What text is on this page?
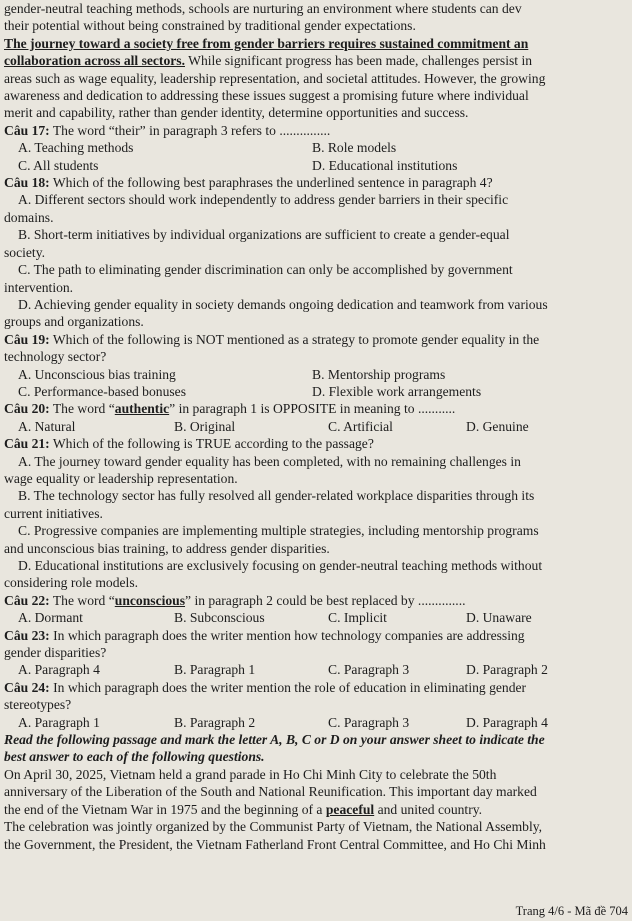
gender-neutral teaching methods, schools are nurturing an environment where students can dev

their potential without being constrained by traditional gender expectations.

The journey toward a society free from gender barriers requires sustained commitment an

collaboration across all sectors. While significant progress has been made, challenges persist in

areas such as wage equality, leadership representation, and societal attitudes. However, the growing

awareness and dedication to addressing these issues suggest a promising future where individual

merit and capability, rather than gender identity, determine opportunities and success.

Câu 17: The word “their” in paragraph 3 refers to ...............

A. Teaching methods	B. Role models
C. All students	D. Educational institutions

Câu 18: Which of the following best paraphrases the underlined sentence in paragraph 4?

A. Different sectors should work independently to address gender barriers in their specific

domains.

B. Short-term initiatives by individual organizations are sufficient to create a gender-equal

society.

C. The path to eliminating gender discrimination can only be accomplished by government

intervention.

D. Achieving gender equality in society demands ongoing dedication and teamwork from various

groups and organizations.

Câu 19: Which of the following is NOT mentioned as a strategy to promote gender equality in the

technology sector?

A. Unconscious bias training	B. Mentorship programs
C. Performance-based bonuses	D. Flexible work arrangements

Câu 20: The word “authentic” in paragraph 1 is OPPOSITE in meaning to ...........

A. Natural	B. Original	C. Artificial	D. Genuine

Câu 21: Which of the following is TRUE according to the passage?

A. The journey toward gender equality has been completed, with no remaining challenges in

wage equality or leadership representation.

B. The technology sector has fully resolved all gender-related workplace disparities through its

current initiatives.

C. Progressive companies are implementing multiple strategies, including mentorship programs

and unconscious bias training, to address gender disparities.

D. Educational institutions are exclusively focusing on gender-neutral teaching methods without

considering role models.

Câu 22: The word “unconscious” in paragraph 2 could be best replaced by ..............

A. Dormant	B. Subconscious	C. Implicit	D. Unaware

Câu 23: In which paragraph does the writer mention how technology companies are addressing

gender disparities?

A. Paragraph 4	B. Paragraph 1	C. Paragraph 3	D. Paragraph 2

Câu 24: In which paragraph does the writer mention the role of education in eliminating gender

stereotypes?

A. Paragraph 1	B. Paragraph 2	C. Paragraph 3	D. Paragraph 4

Read the following passage and mark the letter A, B, C or D on your answer sheet to indicate the

best answer to each of the following questions.

On April 30, 2025, Vietnam held a grand parade in Ho Chi Minh City to celebrate the 50th

anniversary of the Liberation of the South and National Reunification. This important day marked

the end of the Vietnam War in 1975 and the beginning of a peaceful and united country.

The celebration was jointly organized by the Communist Party of Vietnam, the National Assembly,

the Government, the President, the Vietnam Fatherland Front Central Committee, and Ho Chi Minh

Trang 4/6 - Mã đề 704
